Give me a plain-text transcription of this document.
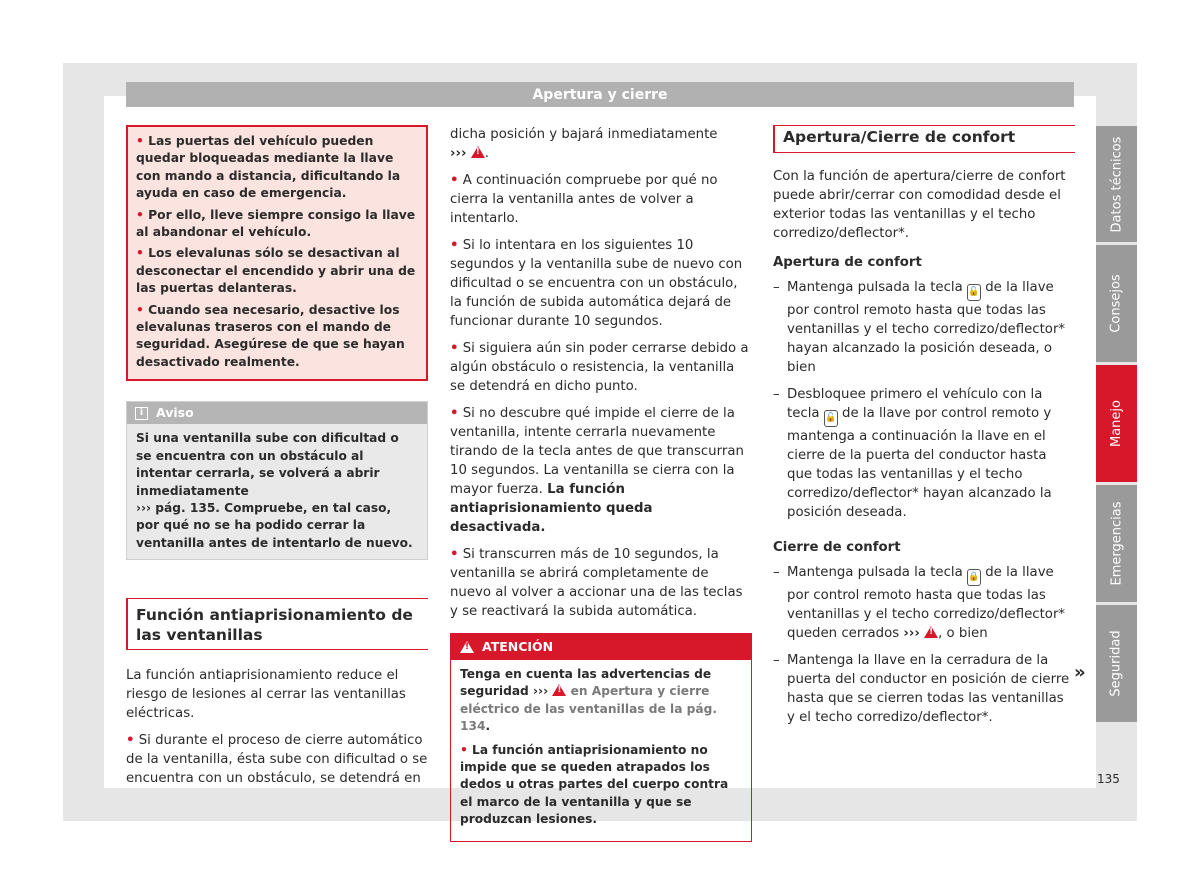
Apertura y cierre

• Las puertas del vehículo pueden quedar bloqueadas mediante la llave con mando a distancia, dificultando la ayuda en caso de emergencia.

• Por ello, lleve siempre consigo la llave al abandonar el vehículo.

• Los elevalunas sólo se desactivan al desconectar el encendido y abrir una de las puertas delanteras.

• Cuando sea necesario, desactive los elevalunas traseros con el mando de seguridad. Asegúrese de que se hayan desactivado realmente.

i	Aviso
Si una ventanilla sube con dificultad o se encuentra con un obstáculo al intentar cerrarla, se volverá a abrir inmediatamente
››› pág. 135. Compruebe, en tal caso, por qué no se ha podido cerrar la ventanilla antes de intentarlo de nuevo.
Función antiaprisionamiento de las ventanillas

La función antiaprisionamiento reduce el riesgo de lesiones al cerrar las ventanillas eléctricas.

• Si durante el proceso de cierre automático de la ventanilla, ésta sube con dificultad o se encuentra con un obstáculo, se detendrá en

dicha posición y bajará inmediatamente
››› ! .

• A continuación compruebe por qué no cierra la ventanilla antes de volver a intentarlo.

• Si lo intentara en los siguientes 10 segundos y la ventanilla sube de nuevo con dificultad o se encuentra con un obstáculo, la función de subida automática dejará de funcionar durante 10 segundos.

• Si siguiera aún sin poder cerrarse debido a algún obstáculo o resistencia, la ventanilla se detendrá en dicho punto.

• Si no descubre qué impide el cierre de la ventanilla, intente cerrarla nuevamente tirando de la tecla antes de que transcurran 10 segundos. La ventanilla se cierra con la mayor fuerza. La función antiaprisionamiento queda desactivada.

• Si transcurren más de 10 segundos, la ventanilla se abrirá completamente de nuevo al volver a accionar una de las teclas y se reactivará la subida automática.

!
ATENCIÓN

Tenga en cuenta las advertencias de seguridad ››› ! en Apertura y cierre eléctrico de las ventanillas de la pág. 134.

• La función antiaprisionamiento no impide que se queden atrapados los dedos u otras partes del cuerpo contra el marco de la ventanilla y que se produzcan lesiones.

Apertura/Cierre de confort

Con la función de apertura/cierre de confort puede abrir/cerrar con comodidad desde el exterior todas las ventanillas y el techo corredizo/deflector*.

Apertura de confort
– Mantenga pulsada la tecla 🔓 de la llave por control remoto hasta que todas las ventanillas y el techo corredizo/deflector* hayan alcanzado la posición deseada, o bien
– Desbloquee primero el vehículo con la tecla 🔓 de la llave por control remoto y mantenga a continuación la llave en el cierre de la puerta del conductor hasta que todas las ventanillas y el techo corredizo/deflector* hayan alcanzado la posición deseada.
Cierre de confort
– Mantenga pulsada la tecla 🔒 de la llave por control remoto hasta que todas las ventanillas y el techo corredizo/deflector* queden cerrados ››› ! , o bien
– Mantenga la llave en la cerradura de la puerta del conductor en posición de cierre hasta que se cierren todas las ventanillas y el techo corredizo/deflector*.
»
Datos técnicos
Consejos
Manejo
Emergencias
Seguridad
135
